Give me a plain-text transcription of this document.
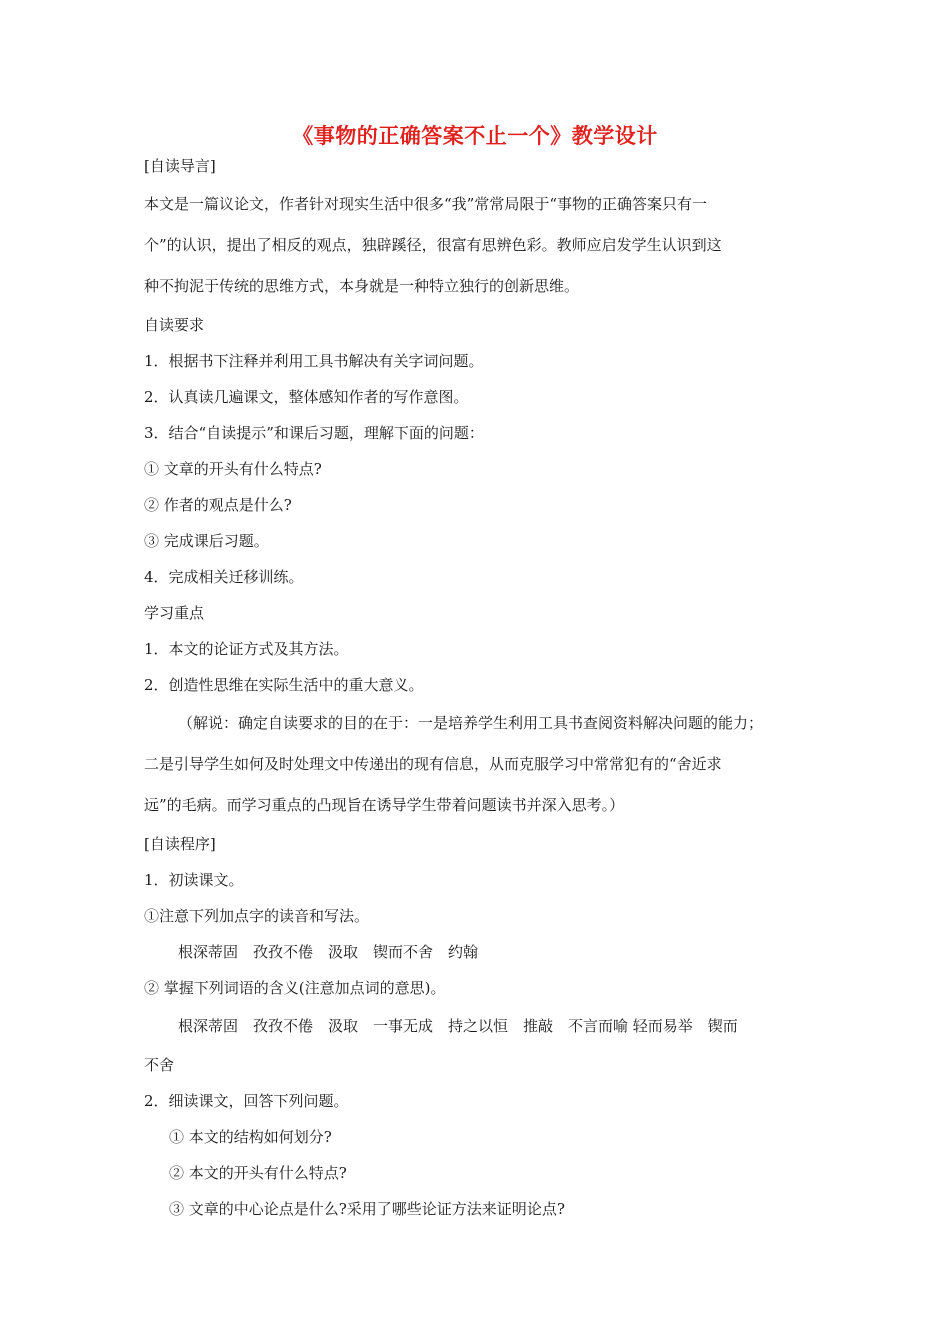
《事物的正确答案不止一个》教学设计
[自读导言]
本文是一篇议论文，作者针对现实生活中很多“我”常常局限于“事物的正确答案只有一
个”的认识，提出了相反的观点，独辟蹊径，很富有思辨色彩。教师应启发学生认识到这
种不拘泥于传统的思维方式，本身就是一种特立独行的创新思维。
自读要求
1．根据书下注释并利用工具书解决有关字词问题。
2．认真读几遍课文，整体感知作者的写作意图。
3．结合“自读提示”和课后习题，理解下面的问题：
① 文章的开头有什么特点?
② 作者的观点是什么?
③ 完成课后习题。
4．完成相关迁移训练。
学习重点
1．本文的论证方式及其方法。
2．创造性思维在实际生活中的重大意义。
（解说：确定自读要求的目的在于：一是培养学生利用工具书查阅资料解决问题的能力；
二是引导学生如何及时处理文中传递出的现有信息，从而克服学习中常常犯有的“舍近求
远”的毛病。而学习重点的凸现旨在诱导学生带着问题读书并深入思考。）
[自读程序]
1．初读课文。
①注意下列加点字的读音和写法。
根深蒂固　孜孜不倦　汲取　锲而不舍　约翰
② 掌握下列词语的含义(注意加点词的意思)。
根深蒂固　孜孜不倦　汲取　一事无成　持之以恒　推敲　不言而喻 轻而易举　锲而
不舍
2．细读课文，回答下列问题。
① 本文的结构如何划分?
② 本文的开头有什么特点?
③ 文章的中心论点是什么?采用了哪些论证方法来证明论点?
